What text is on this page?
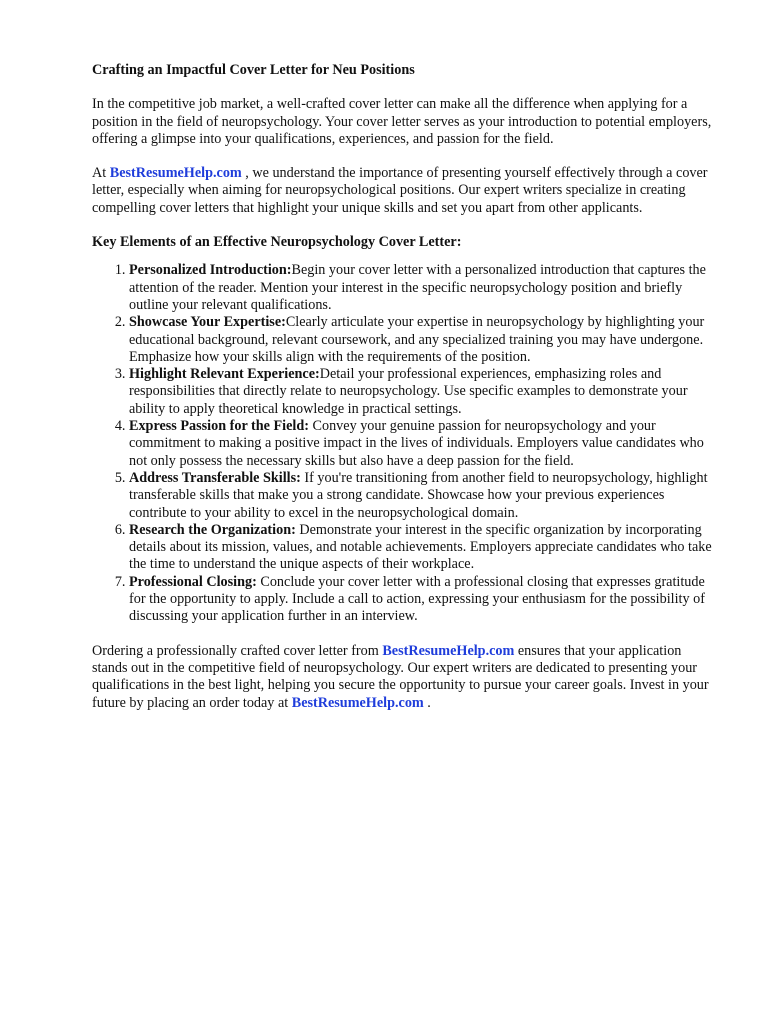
Crafting an Impactful Cover Letter for Neu Positions

In the competitive job market, a well-crafted cover letter can make all the difference when applying for a position in the field of neuropsychology. Your cover letter serves as your introduction to potential employers, offering a glimpse into your qualifications, experiences, and passion for the field.

At BestResumeHelp.com , we understand the importance of presenting yourself effectively through a cover letter, especially when aiming for neuropsychological positions. Our expert writers specialize in creating compelling cover letters that highlight your unique skills and set you apart from other applicants.

Key Elements of an Effective Neuropsychology Cover Letter:
1. Personalized Introduction:Begin your cover letter with a personalized introduction that captures the attention of the reader. Mention your interest in the specific neuropsychology position and briefly outline your relevant qualifications.
2. Showcase Your Expertise:Clearly articulate your expertise in neuropsychology by highlighting your educational background, relevant coursework, and any specialized training you may have undergone. Emphasize how your skills align with the requirements of the position.
3. Highlight Relevant Experience:Detail your professional experiences, emphasizing roles and responsibilities that directly relate to neuropsychology. Use specific examples to demonstrate your ability to apply theoretical knowledge in practical settings.
4. Express Passion for the Field: Convey your genuine passion for neuropsychology and your commitment to making a positive impact in the lives of individuals. Employers value candidates who not only possess the necessary skills but also have a deep passion for the field.
5. Address Transferable Skills: If you're transitioning from another field to neuropsychology, highlight transferable skills that make you a strong candidate. Showcase how your previous experiences contribute to your ability to excel in the neuropsychological domain.
6. Research the Organization: Demonstrate your interest in the specific organization by incorporating details about its mission, values, and notable achievements. Employers appreciate candidates who take the time to understand the unique aspects of their workplace.
7. Professional Closing: Conclude your cover letter with a professional closing that expresses gratitude for the opportunity to apply. Include a call to action, expressing your enthusiasm for the possibility of discussing your application further in an interview.

Ordering a professionally crafted cover letter from BestResumeHelp.com ensures that your application stands out in the competitive field of neuropsychology. Our expert writers are dedicated to presenting your qualifications in the best light, helping you secure the opportunity to pursue your career goals. Invest in your future by placing an order today at BestResumeHelp.com .
